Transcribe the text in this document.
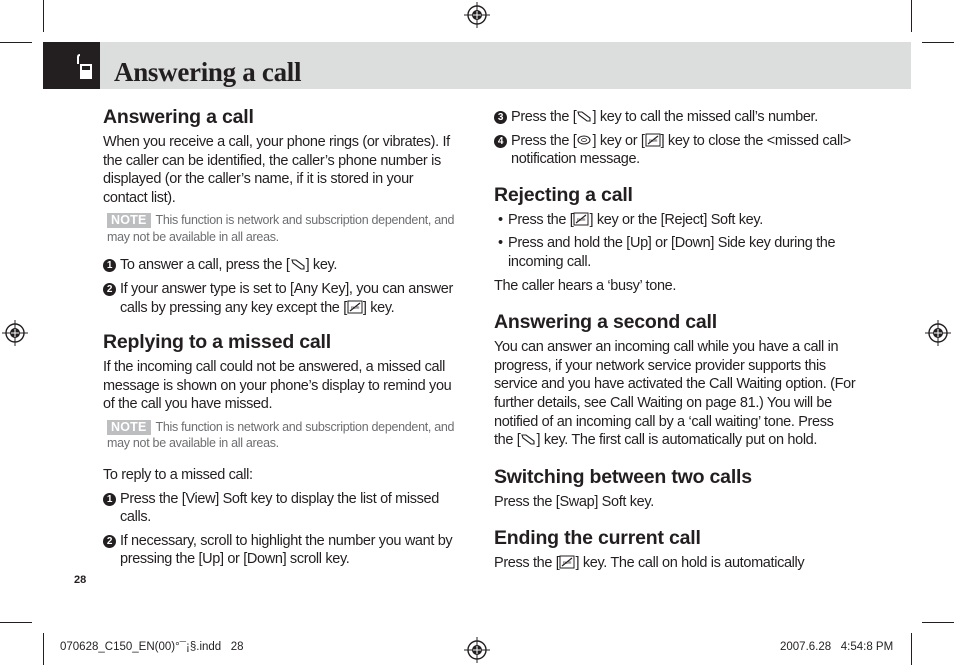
Answering a call
Answering a call

When you receive a call, your phone rings (or vibrates). If the caller can be identified, the caller’s phone number is displayed (or the caller’s name, if it is stored in your contact list).

NOTE This function is network and subscription dependent, and may not be available in all areas.
1 To answer a call, press the [ ] key.
2 If your answer type is set to [Any Key], you can answer calls by pressing any key except the [ PWR ] key.
Replying to a missed call

If the incoming call could not be answered, a missed call message is shown on your phone’s display to remind you of the call you have missed.

NOTE This function is network and subscription dependent, and may not be available in all areas.

To reply to a missed call:

1 Press the [View] Soft key to display the list of missed calls.
2 If necessary, scroll to highlight the number you want by pressing the [Up] or [Down] scroll key.
3 Press the [ ] key to call the missed call’s number.
4 Press the [ ] key or [ PWR ] key to close the <missed call> notification message.
Rejecting a call
• Press the [ PWR ] key or the [Reject] Soft key.
• Press and hold the [Up] or [Down] Side key during the incoming call.

The caller hears a ‘busy’ tone.

Answering a second call

You can answer an incoming call while you have a call in progress, if your network service provider supports this service and you have activated the Call Waiting option. (For further details, see Call Waiting on page 81.) You will be notified of an incoming call by a ‘call waiting’ tone. Press the [ ] key. The first call is automatically put on hold.

Switching between two calls

Press the [Swap] Soft key.

Ending the current call

Press the [ PWR ] key. The call on hold is automatically

28
070628_C150_EN(00)°¯¡§.indd   28	2007.6.28   4:54:8 PM
